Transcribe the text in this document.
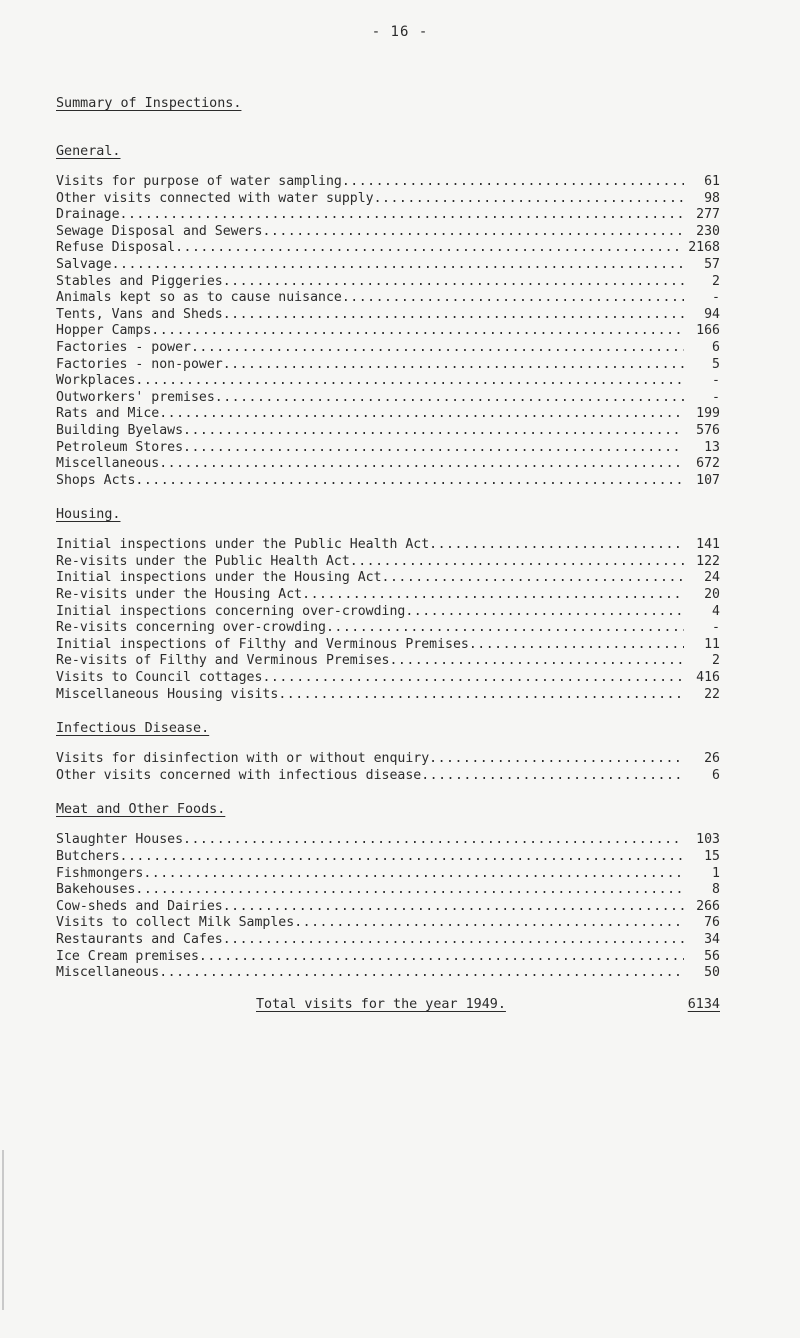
- 16 -
Summary of Inspections.
General.
Visits for purpose of water sampling .....	61
Other visits connected with water supply .....	98
Drainage .....	277
Sewage Disposal and Sewers .....	230
Refuse Disposal .....	2168
Salvage .....	57
Stables and Piggeries .....	2
Animals kept so as to cause nuisance .....	-
Tents, Vans and Sheds .....	94
Hopper Camps .....	166
Factories - power .....	6
Factories - non-power .....	5
Workplaces .....	-
Outworkers' premises .....	-
Rats and Mice .....	199
Building Byelaws .....	576
Petroleum Stores .....	13
Miscellaneous .....	672
Shops Acts .....	107
Housing.
Initial inspections under the Public Health Act .....	141
Re-visits under the Public Health Act .....	122
Initial inspections under the Housing Act .....	24
Re-visits under the Housing Act .....	20
Initial inspections concerning over-crowding .....	4
Re-visits concerning over-crowding .....	-
Initial inspections of Filthy and Verminous Premises .....	11
Re-visits of Filthy and Verminous Premises .....	2
Visits to Council cottages .....	416
Miscellaneous Housing visits .....	22
Infectious Disease.
Visits for disinfection with or without enquiry .....	26
Other visits concerned with infectious disease .....	6
Meat and Other Foods.
Slaughter Houses .....	103
Butchers .....	15
Fishmongers .....	1
Bakehouses .....	8
Cow-sheds and Dairies .....	266
Visits to collect Milk Samples .....	76
Restaurants and Cafes .....	34
Ice Cream premises .....	56
Miscellaneous .....	50
Total visits for the year 1949.	6134
